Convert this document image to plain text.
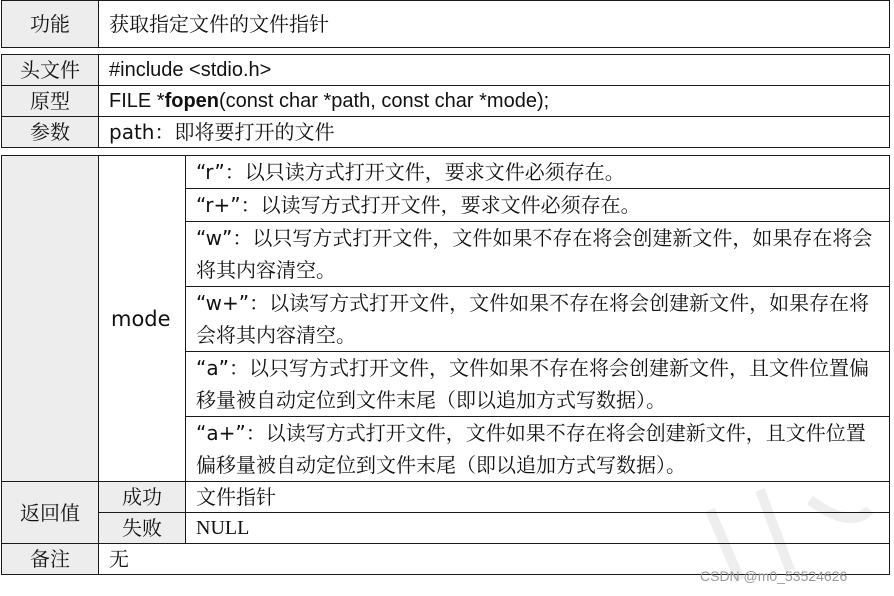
功能	获取指定文件的文件指针
头文件	#include <stdio.h>
原型	FILE *fopen(const char *path, const char *mode);
参数	path：即将要打开的文件
	mode	“r”：以只读方式打开文件，要求文件必须存在。
		“r+”：以读写方式打开文件，要求文件必须存在。
		“w”：以只写方式打开文件，文件如果不存在将会创建新文件，如果存在将会将其内容清空。
		“w+”：以读写方式打开文件，文件如果不存在将会创建新文件，如果存在将会将其内容清空。
		“a”：以只写方式打开文件，文件如果不存在将会创建新文件，且文件位置偏移量被自动定位到文件末尾（即以追加方式写数据）。
		“a+”：以读写方式打开文件，文件如果不存在将会创建新文件，且文件位置偏移量被自动定位到文件末尾（即以追加方式写数据）。
返回值	成功	文件指针
	失败	NULL
备注	无	
CSDN @m0_53524626
